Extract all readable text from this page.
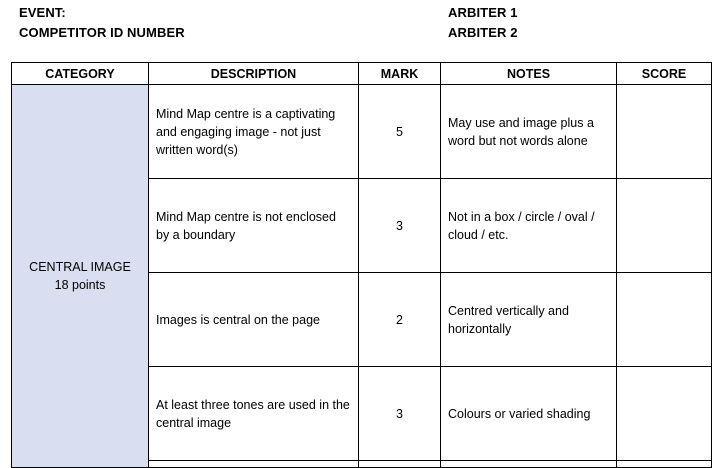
EVENT:
COMPETITOR ID NUMBER
ARBITER 1
ARBITER 2
CATEGORY	DESCRIPTION	MARK	NOTES	SCORE

CENTRAL IMAGE
18 points	Mind Map centre is a captivating and engaging image - not just written word(s)	5	May use and image plus a word but not words alone	
	Mind Map centre is not enclosed by a boundary	3	Not in a box / circle / oval / cloud / etc.	
	Images is central on the page	2	Centred vertically and horizontally	
	At least three tones are used in the central image	3	Colours or varied shading	
